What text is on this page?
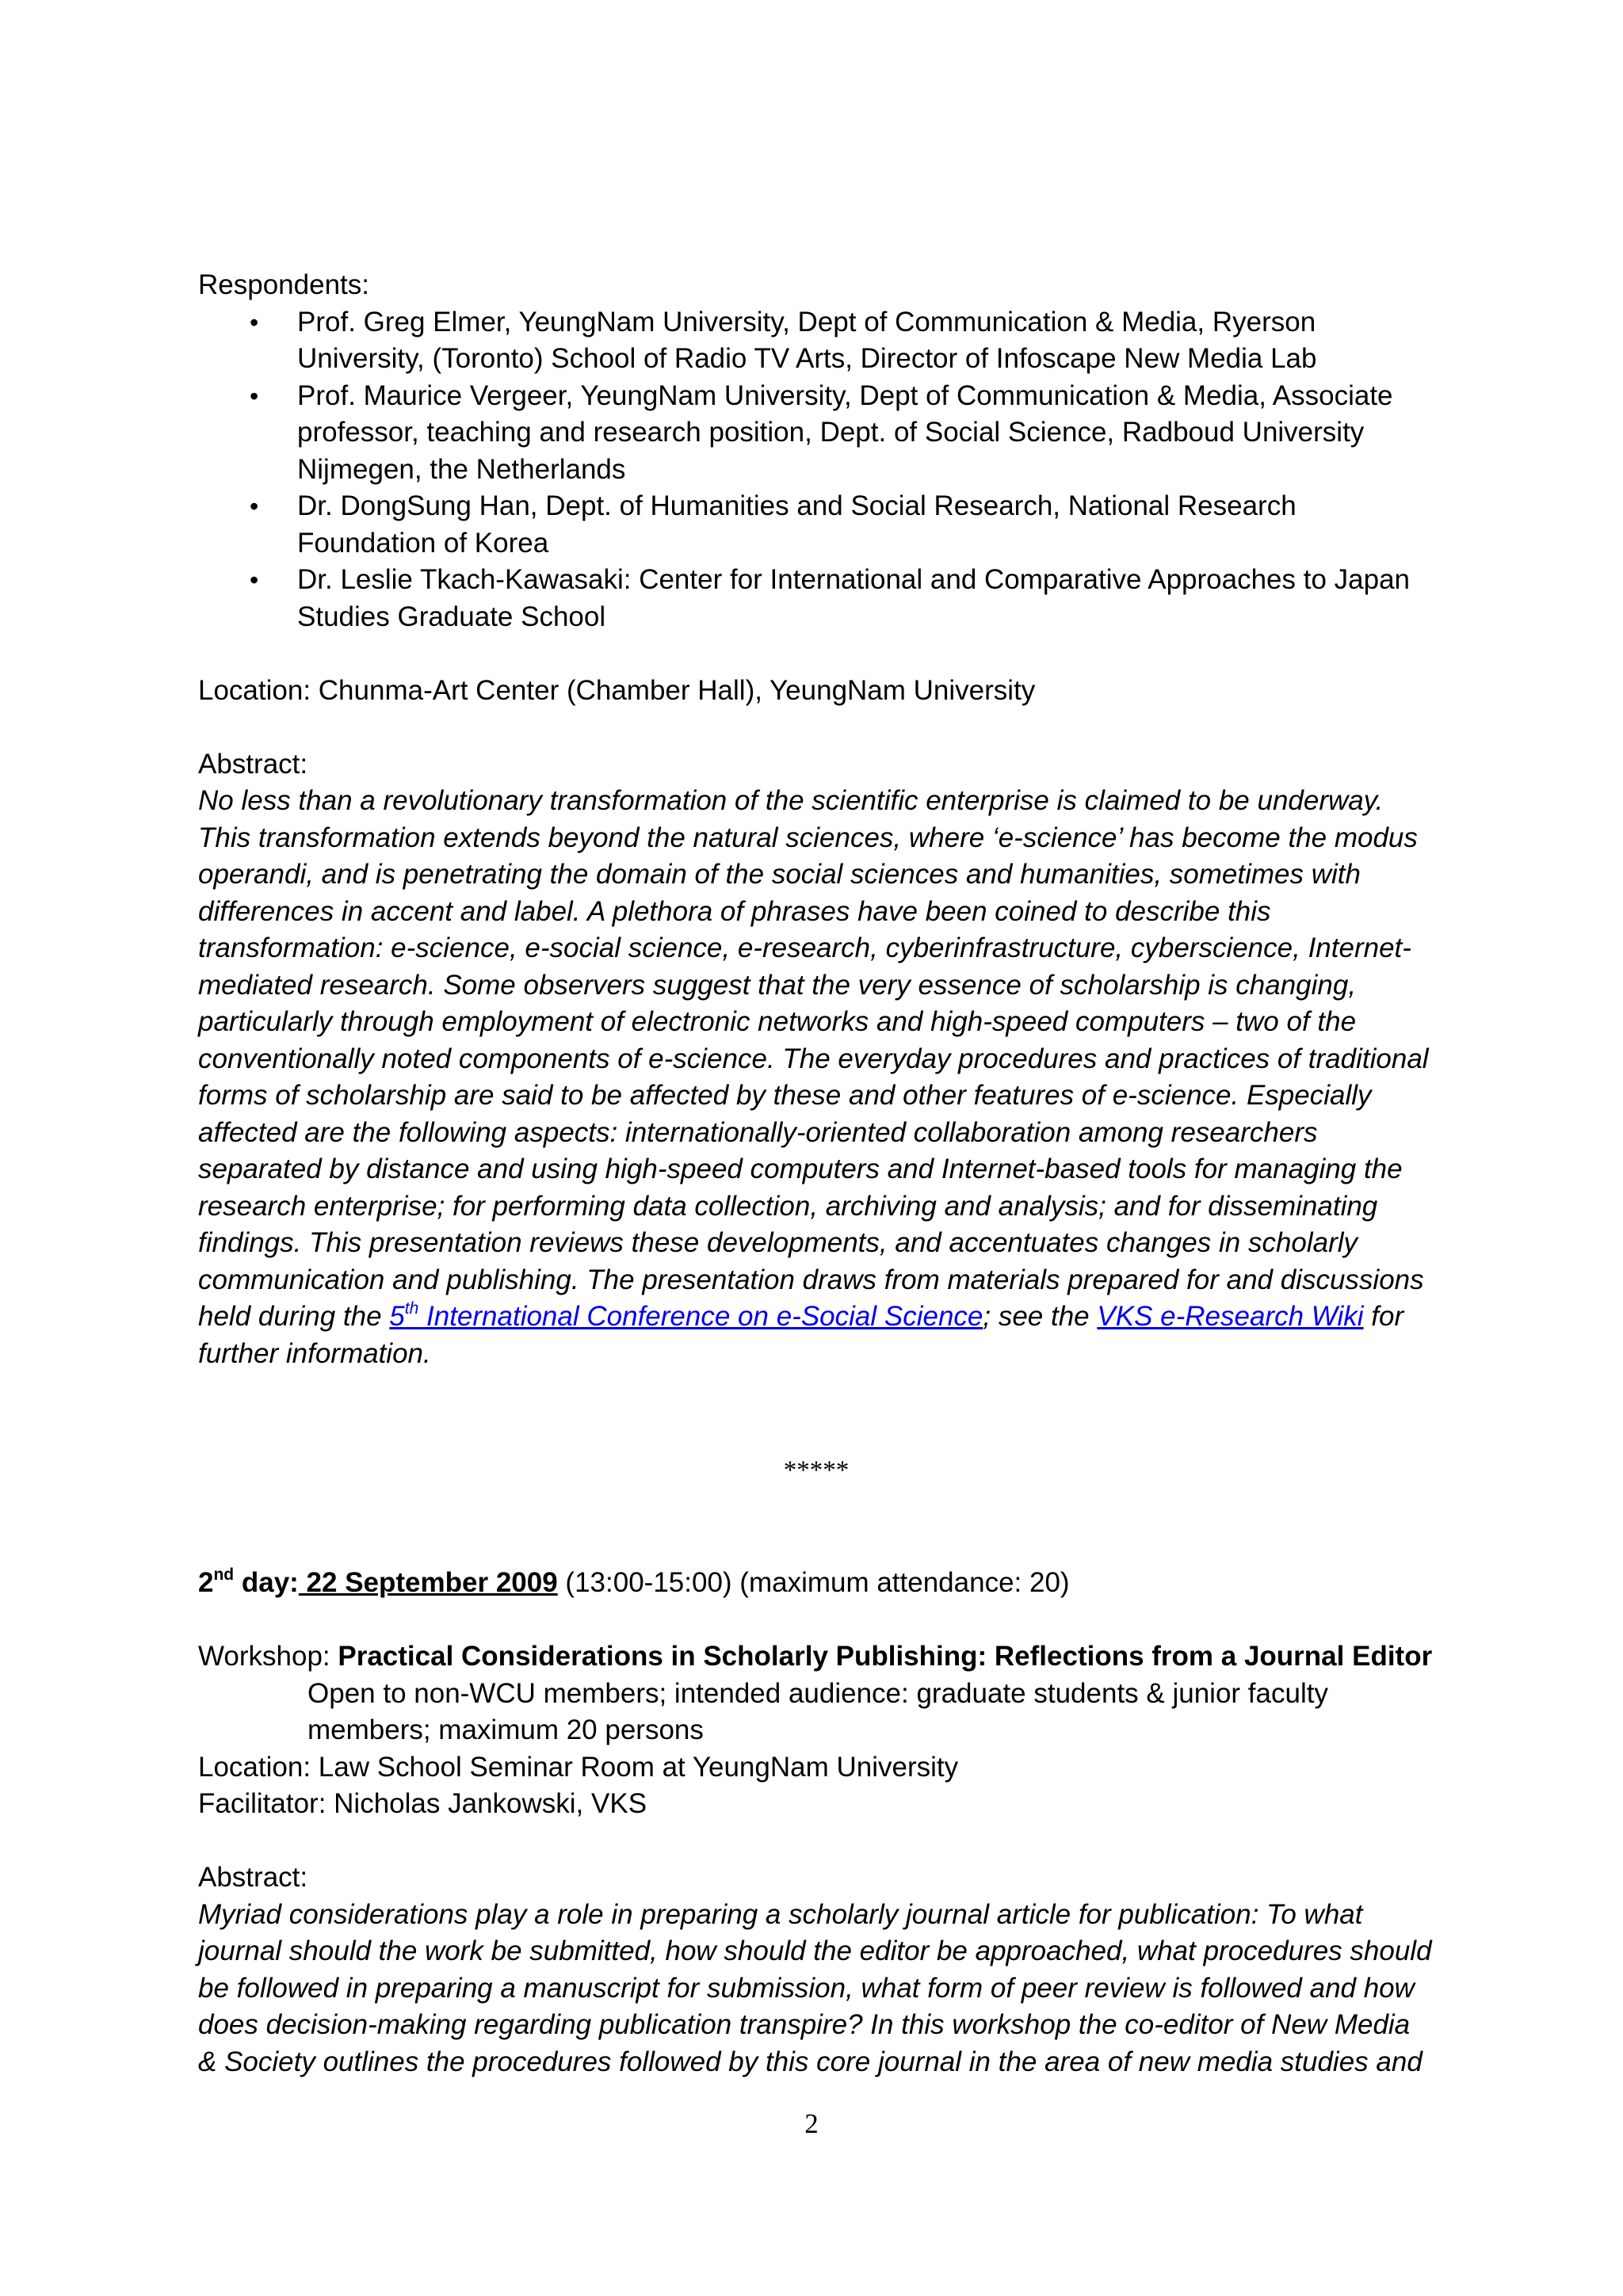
Respondents:

• Prof. Greg Elmer, YeungNam University, Dept of Communication & Media, Ryerson University, (Toronto) School of Radio TV Arts, Director of Infoscape New Media Lab
• Prof. Maurice Vergeer, YeungNam University, Dept of Communication & Media, Associate professor, teaching and research position, Dept. of Social Science, Radboud University Nijmegen, the Netherlands
• Dr. DongSung Han, Dept. of Humanities and Social Research, National Research Foundation of Korea
• Dr. Leslie Tkach-Kawasaki: Center for International and Comparative Approaches to Japan Studies Graduate School

Location: Chunma-Art Center (Chamber Hall), YeungNam University

Abstract:

No less than a revolutionary transformation of the scientific enterprise is claimed to be underway. This transformation extends beyond the natural sciences, where ‘e-science’ has become the modus operandi, and is penetrating the domain of the social sciences and humanities, sometimes with differences in accent and label. A plethora of phrases have been coined to describe this transformation: e-science, e-social science, e-research, cyberinfrastructure, cyberscience, Internet-mediated research. Some observers suggest that the very essence of scholarship is changing, particularly through employment of electronic networks and high-speed computers – two of the conventionally noted components of e-science. The everyday procedures and practices of traditional forms of scholarship are said to be affected by these and other features of e-science. Especially affected are the following aspects: internationally-oriented collaboration among researchers separated by distance and using high-speed computers and Internet-based tools for managing the research enterprise; for performing data collection, archiving and analysis; and for disseminating findings. This presentation reviews these developments, and accentuates changes in scholarly communication and publishing. The presentation draws from materials prepared for and discussions held during the 5th International Conference on e-Social Science; see the VKS e-Research Wiki for further information.

*****

2nd day: 22 September 2009 (13:00-15:00) (maximum attendance: 20)

Workshop: Practical Considerations in Scholarly Publishing: Reflections from a Journal Editor

Open to non-WCU members; intended audience: graduate students & junior faculty members; maximum 20 persons

Location: Law School Seminar Room at YeungNam University

Facilitator: Nicholas Jankowski, VKS

Abstract:

Myriad considerations play a role in preparing a scholarly journal article for publication: To what journal should the work be submitted, how should the editor be approached, what procedures should be followed in preparing a manuscript for submission, what form of peer review is followed and how does decision-making regarding publication transpire? In this workshop the co-editor of New Media & Society outlines the procedures followed by this core journal in the area of new media studies and

2
